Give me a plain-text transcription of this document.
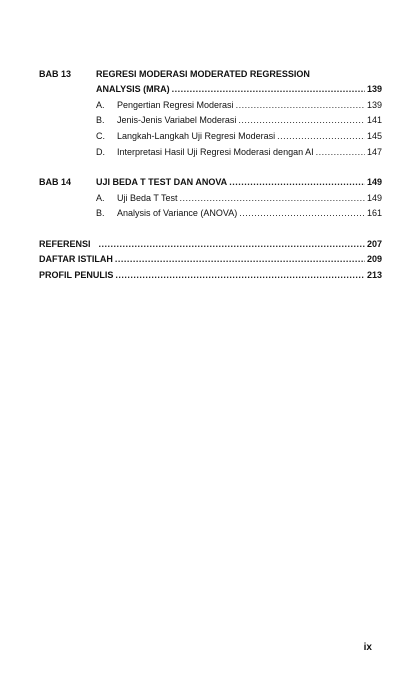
BAB 13	REGRESI MODERASI MODERATED REGRESSION
ANALYSIS (MRA) .....	139
A. Pengertian Regresi Moderasi .....	139
B. Jenis-Jenis Variabel Moderasi .....	141
C. Langkah-Langkah Uji Regresi Moderasi .....	145
D. Interpretasi Hasil Uji Regresi Moderasi dengan AI .....	147
BAB 14	UJI BEDA T TEST DAN ANOVA .....	149
A. Uji Beda T Test .....	149
B. Analysis of Variance (ANOVA) .....	161
REFERENSI .....	207
DAFTAR ISTILAH .....	209
PROFIL PENULIS .....	213
ix
